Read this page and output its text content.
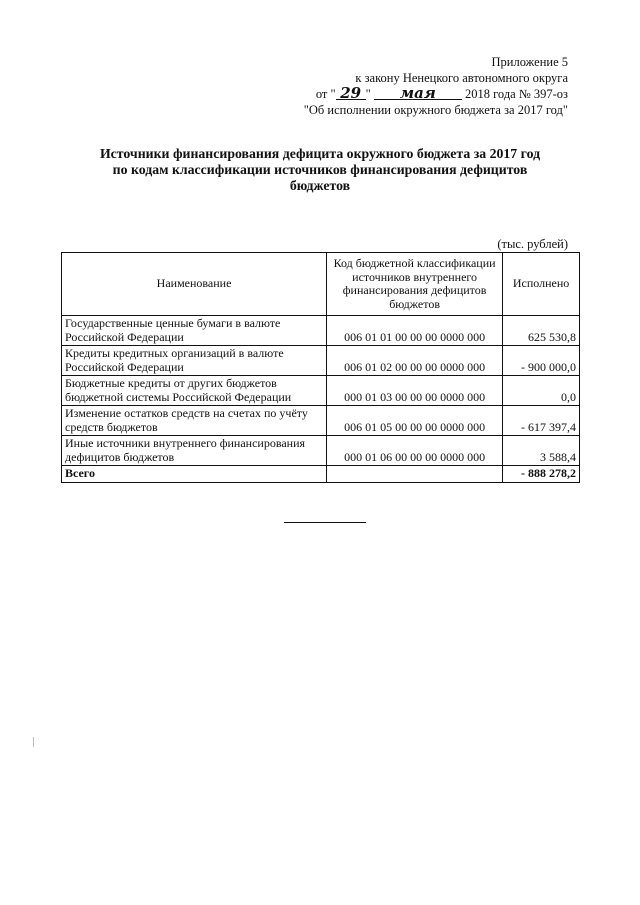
Приложение 5
к закону Ненецкого автономного округа
от " 29 " мая 2018 года № 397-оз
"Об исполнении окружного бюджета за 2017 год"
Источники финансирования дефицита окружного бюджета за 2017 год
по кодам классификации источников финансирования дефицитов
бюджетов
(тыс. рублей)
Наименование	Код бюджетной классификации источников внутреннего финансирования дефицитов бюджетов	Исполнено
Государственные ценные бумаги в валюте Российской Федерации	006 01 01 00 00 00 0000 000	625 530,8
Кредиты кредитных организаций в валюте Российской Федерации	006 01 02 00 00 00 0000 000	- 900 000,0
Бюджетные кредиты от других бюджетов бюджетной системы Российской Федерации	000 01 03 00 00 00 0000 000	0,0
Изменение остатков средств на счетах по учёту средств бюджетов	006 01 05 00 00 00 0000 000	- 617 397,4
Иные источники внутреннего финансирования дефицитов бюджетов	000 01 06 00 00 00 0000 000	3 588,4
Всего		- 888 278,2
